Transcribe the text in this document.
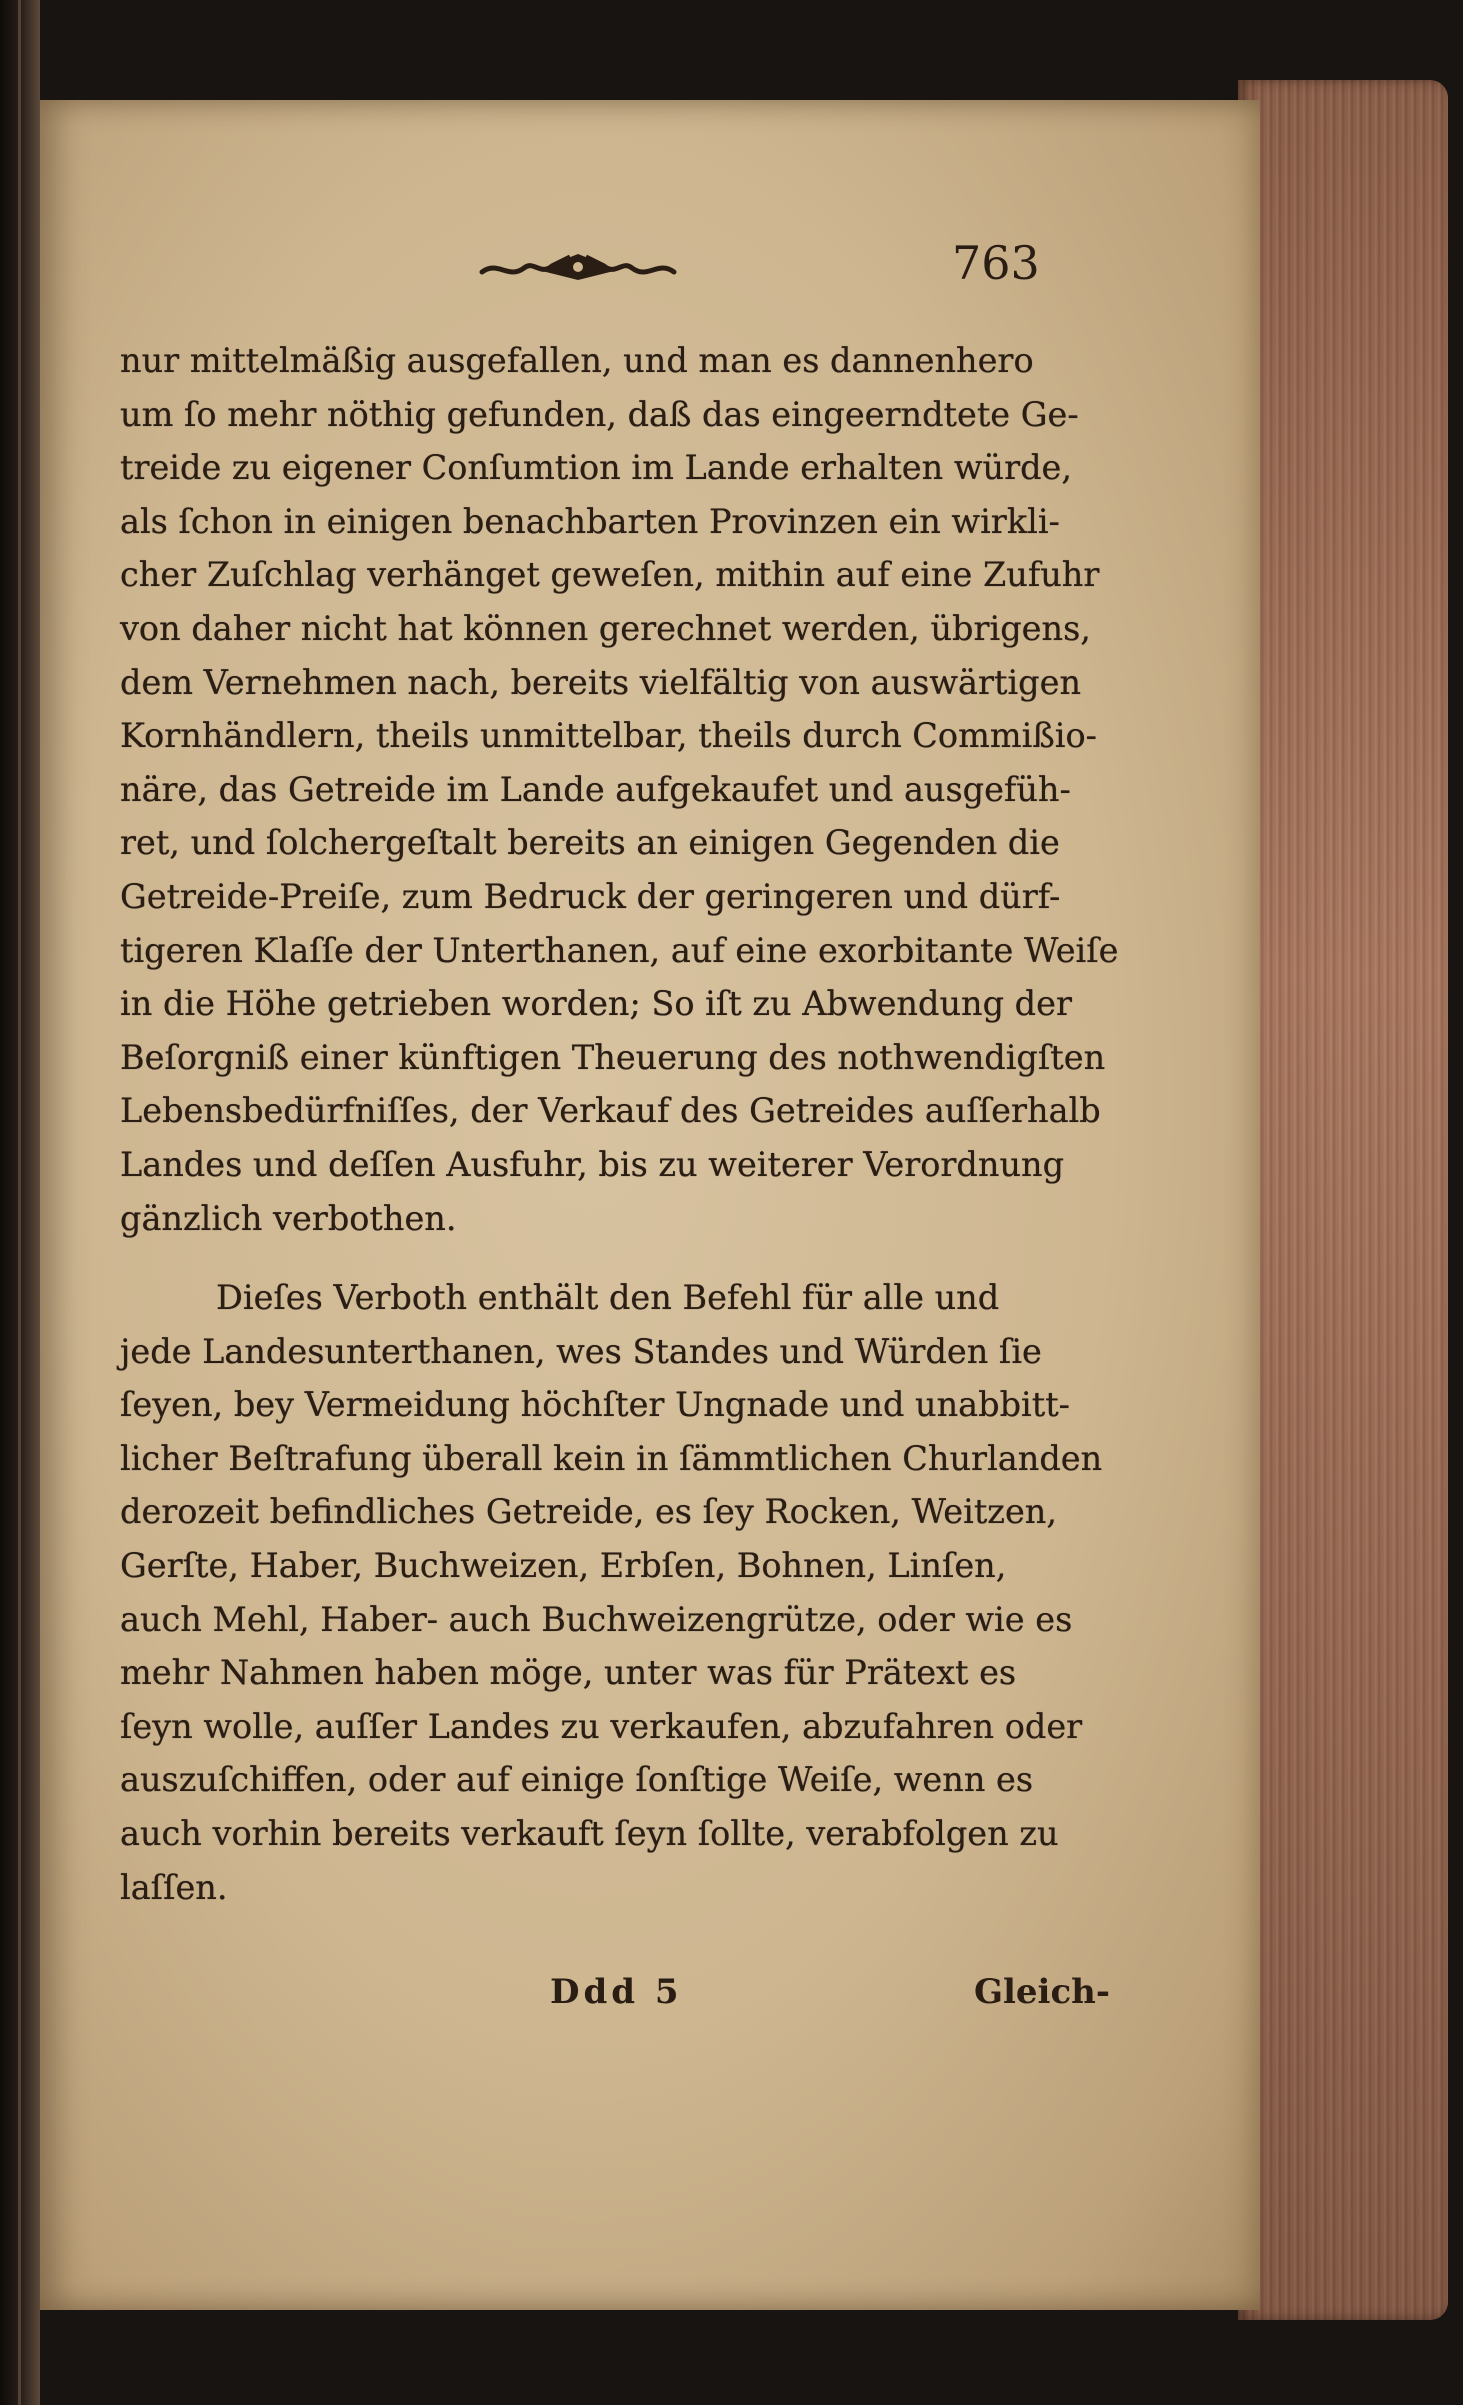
763

nur mittelmäßig ausgefallen, und man es dannenhero
um ſo mehr nöthig gefunden, daß das eingeerndtete Ge-
treide zu eigener Conſumtion im Lande erhalten würde,
als ſchon in einigen benachbarten Provinzen ein wirkli-
cher Zuſchlag verhänget geweſen, mithin auf eine Zufuhr
von daher nicht hat können gerechnet werden, übrigens,
dem Vernehmen nach, bereits vielfältig von auswärtigen
Kornhändlern, theils unmittelbar, theils durch Commißio-
näre, das Getreide im Lande aufgekaufet und ausgefüh-
ret, und ſolchergeſtalt bereits an einigen Gegenden die
Getreide-Preiſe, zum Bedruck der geringeren und dürf-
tigeren Klaſſe der Unterthanen, auf eine exorbitante Weiſe
in die Höhe getrieben worden; So iſt zu Abwendung der
Beſorgniß einer künftigen Theuerung des nothwendigſten
Lebensbedürfniſſes, der Verkauf des Getreides auſſerhalb
Landes und deſſen Ausfuhr, bis zu weiterer Verordnung
gänzlich verbothen.
Dieſes Verboth enthält den Befehl für alle und
jede Landesunterthanen, wes Standes und Würden ſie
ſeyen, bey Vermeidung höchſter Ungnade und unabbitt-
licher Beſtrafung überall kein in ſämmtlichen Churlanden
derozeit befindliches Getreide, es ſey Rocken, Weitzen,
Gerſte, Haber, Buchweizen, Erbſen, Bohnen, Linſen,
auch Mehl, Haber- auch Buchweizengrütze, oder wie es
mehr Nahmen haben möge, unter was für Prätext es
ſeyn wolle, auſſer Landes zu verkaufen, abzufahren oder
auszuſchiffen, oder auf einige ſonſtige Weiſe, wenn es
auch vorhin bereits verkauft ſeyn ſollte, verabfolgen zu
laſſen.
Ddd 5	Gleich-
